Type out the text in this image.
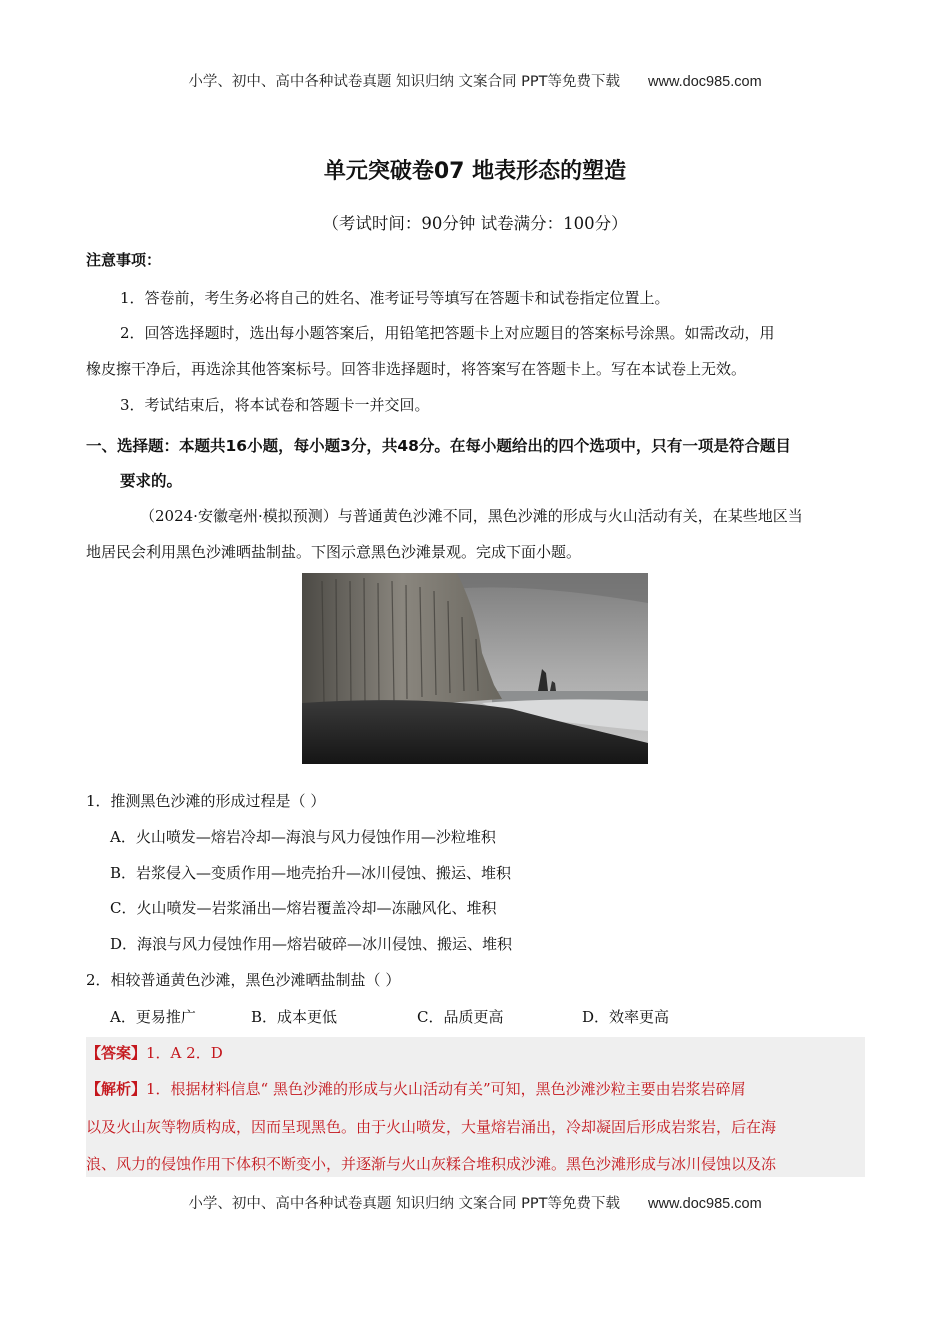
小学、初中、高中各种试卷真题 知识归纳 文案合同 PPT等免费下载 www.doc985.com
单元突破卷07 地表形态的塑造
（考试时间：90分钟 试卷满分：100分）
注意事项：
1．答卷前，考生务必将自己的姓名、准考证号等填写在答题卡和试卷指定位置上。
2．回答选择题时，选出每小题答案后，用铅笔把答题卡上对应题目的答案标号涂黑。如需改动，用
橡皮擦干净后，再选涂其他答案标号。回答非选择题时，将答案写在答题卡上。写在本试卷上无效。
3．考试结束后，将本试卷和答题卡一并交回。
一、选择题：本题共16小题，每小题3分，共48分。在每小题给出的四个选项中，只有一项是符合题目
要求的。
（2024·安徽亳州·模拟预测）与普通黄色沙滩不同，黑色沙滩的形成与火山活动有关，在某些地区当
地居民会利用黑色沙滩晒盐制盐。下图示意黑色沙滩景观。完成下面小题。
1．推测黑色沙滩的形成过程是（ ）
A．火山喷发—熔岩冷却—海浪与风力侵蚀作用—沙粒堆积
B．岩浆侵入—变质作用—地壳抬升—冰川侵蚀、搬运、堆积
C．火山喷发—岩浆涌出—熔岩覆盖冷却—冻融风化、堆积
D．海浪与风力侵蚀作用—熔岩破碎—冰川侵蚀、搬运、堆积
2．相较普通黄色沙滩，黑色沙滩晒盐制盐（ ）
A．更易推广	B．成本更低	C．品质更高	D．效率更高
【答案】1．A 2．D
【解析】1．根据材料信息“ 黑色沙滩的形成与火山活动有关”可知，黑色沙滩沙粒主要由岩浆岩碎屑
以及火山灰等物质构成，因而呈现黑色。由于火山喷发，大量熔岩涌出，冷却凝固后形成岩浆岩，后在海
浪、风力的侵蚀作用下体积不断变小，并逐渐与火山灰糅合堆积成沙滩。黑色沙滩形成与冰川侵蚀以及冻
小学、初中、高中各种试卷真题 知识归纳 文案合同 PPT等免费下载 www.doc985.com
